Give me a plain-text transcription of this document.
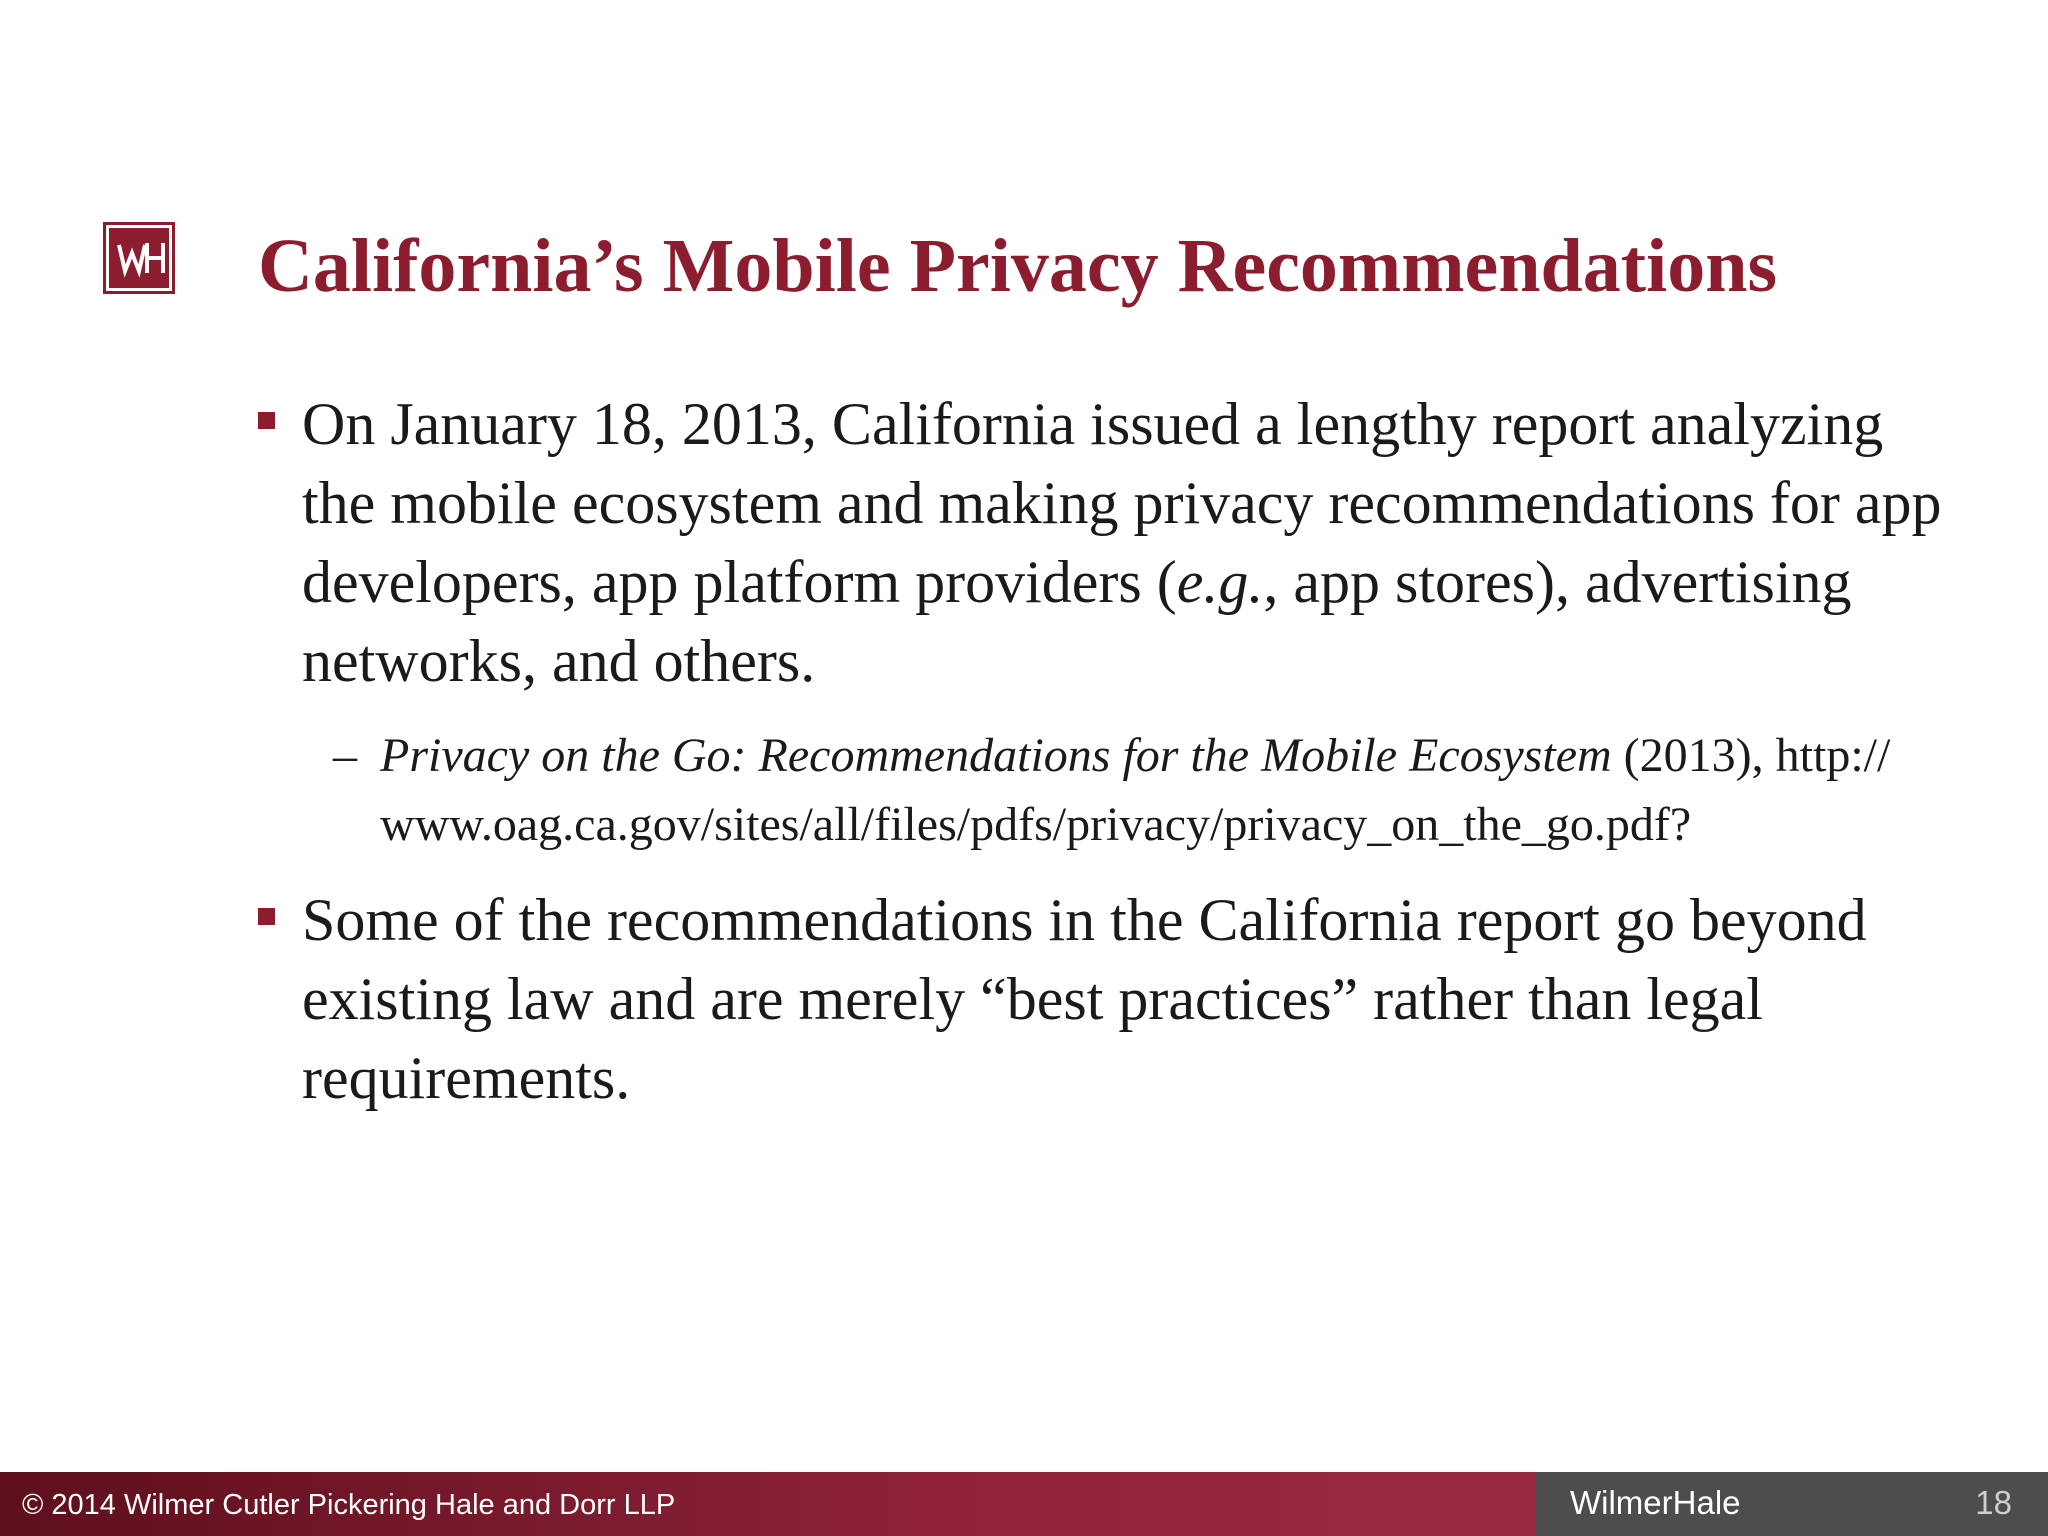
California’s Mobile Privacy Recommendations

On January 18, 2013, California issued a lengthy report analyzing the mobile ecosystem and making privacy recommendations for app developers, app platform providers (e.g., app stores), advertising networks, and others.

– Privacy on the Go: Recommendations for the Mobile Ecosystem (2013), http://www.oag.ca.gov/sites/all/files/pdfs/privacy/privacy_on_the_go.pdf?

Some of the recommendations in the California report go beyond existing law and are merely “best practices” rather than legal requirements.

© 2014 Wilmer Cutler Pickering Hale and Dorr LLP	WilmerHale	18
